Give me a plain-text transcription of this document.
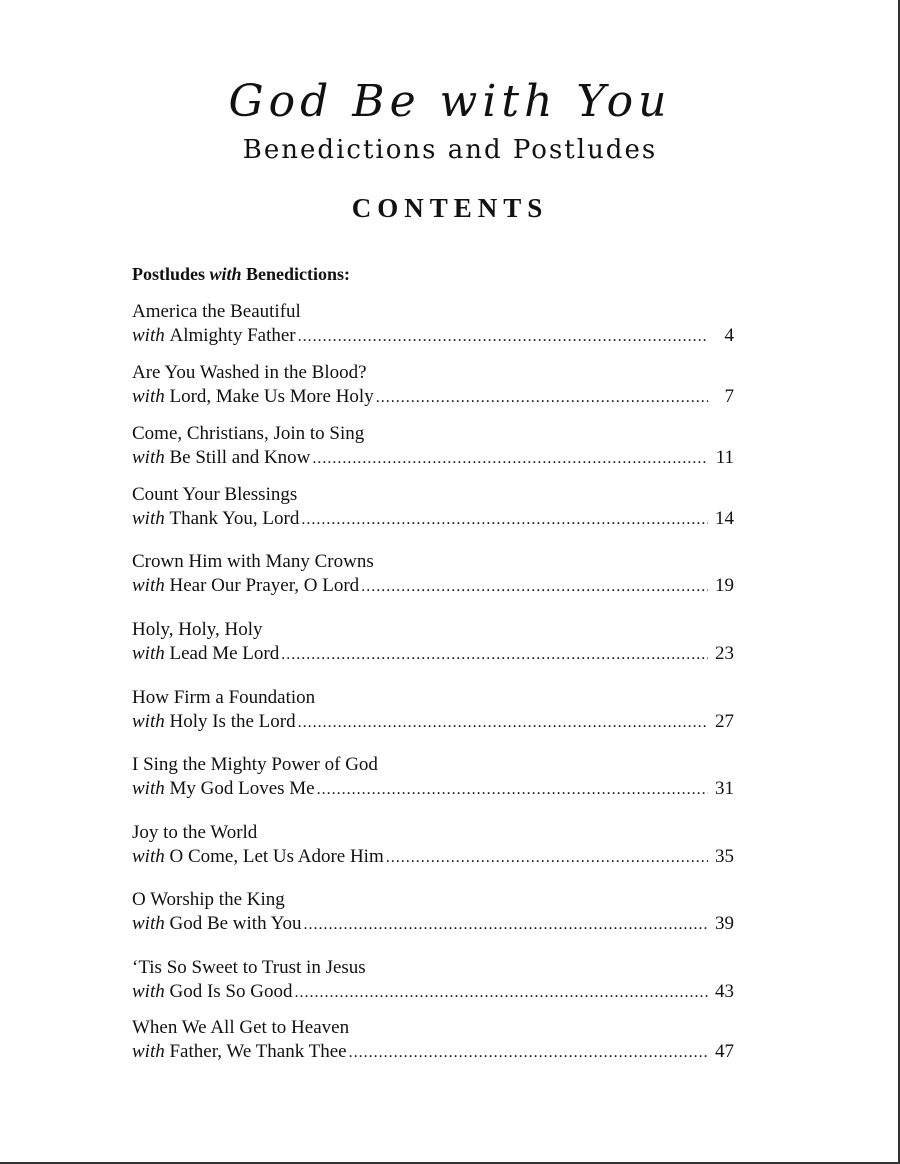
God Be with You
Benedictions and Postludes
CONTENTS
Postludes with Benedictions:
America the Beautiful
with
Almighty Father .....	4
Are You Washed in the Blood?
with
Lord, Make Us More Holy .....	7
Come, Christians, Join to Sing
with
Be Still and Know .....	11
Count Your Blessings
with
Thank You, Lord .....	14
Crown Him with Many Crowns
with
Hear Our Prayer, O Lord .....	19
Holy, Holy, Holy
with
Lead Me Lord .....	23
How Firm a Foundation
with
Holy Is the Lord .....	27
I Sing the Mighty Power of God
with
My God Loves Me .....	31
Joy to the World
with
O Come, Let Us Adore Him .....	35
O Worship the King
with
God Be with You .....	39
‘Tis So Sweet to Trust in Jesus
with
God Is So Good .....	43
When We All Get to Heaven
with
Father, We Thank Thee .....	47
